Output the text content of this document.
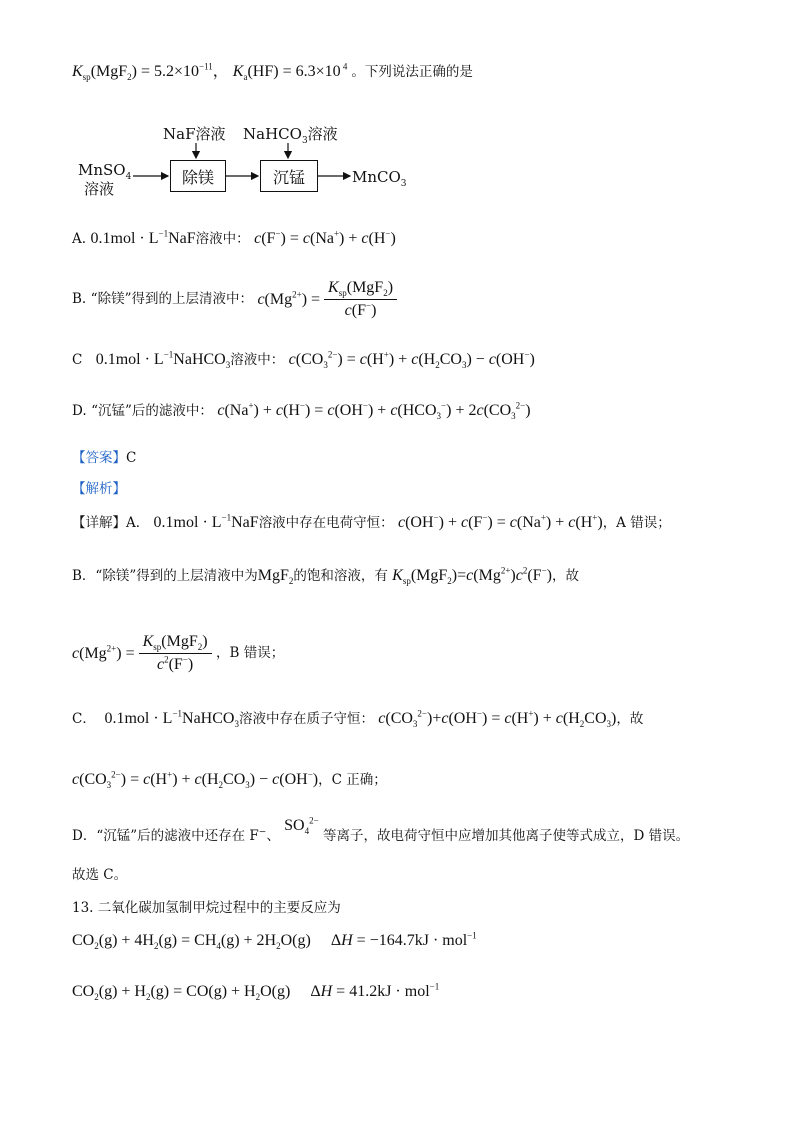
$K_{sp}(MgF_2) = 5.2\times 10^{-11}$， $K_a(HF) = 6.3\times 10$ $^4$ 。下列说法正确的是
NaF溶液 NaHCO$_3$溶液
MnSO$_4$
溶液
除镁	沉锰	MnCO$_3$
A. $0.1mol \cdot L^{-1}NaF$溶液中： c(F−) = c(Na+) + c(H−)
B. “除镁”得到的上层清液中： $c(Mg^{2+}) = \frac{K_{sp}(MgF_2)}{c(F^-)}$
C $0.1mol \cdot L^{-1}NaHCO_3$溶液中： $c(CO_3^{2-}) = c(H^+) + c(H_2CO_3) - c(OH^-)$
D. “沉锰”后的滤液中： $c(Na^+) + c(H^-) = c(OH^-) + c(HCO_3^-) + 2c(CO_3^{2-})$
【答案】C
【解析】
【详解】A． $0.1mol \cdot L^{-1}NaF$溶液中存在电荷守恒： c(OH−) + c(F−) = c(Na+) + c(H+)，A 错误；
B．“除镁”得到的上层清液中为MgF$_2$的饱和溶液，有 $K_{sp}(MgF_2)=c(Mg^{2+})c^2(F^-)$，故
$c(Mg^{2+}) = \frac{K_{sp}(MgF_2)}{c^2(F^-)}$ ，B 错误；
C． $0.1mol \cdot L^{-1}NaHCO_3$溶液中存在质子守恒： $c(CO_3^{2-})+c(OH^-) = c(H^+) + c(H_2CO_3)$，故
$c(CO_3^{2-}) = c(H^+) + c(H_2CO_3) - c(OH^-)$，C 正确；
D．“沉锰”后的滤液中还存在 F−、 $SO_4^{2-}$ 等离子，故电荷守恒中应增加其他离子使等式成立，D 错误。
故选 C。
13. 二氧化碳加氢制甲烷过程中的主要反应为
$CO_2(g) + 4H_2(g) = CH_4(g) + 2H_2O(g)$     ΔH = −164.7kJ · mol$^{-1}$
$CO_2(g) + H_2(g) = CO(g) + H_2O(g)$     ΔH = 41.2kJ · mol$^{-1}$
